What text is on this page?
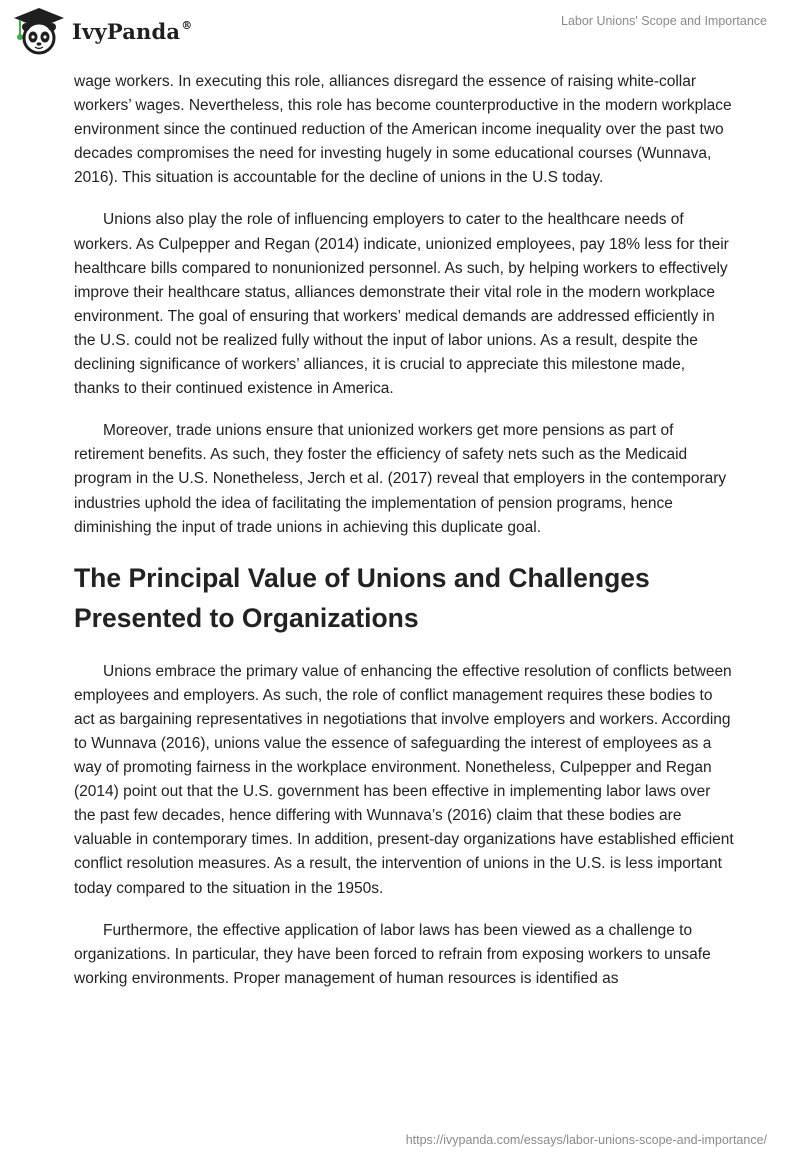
IvyPanda®	Labor Unions' Scope and Importance

wage workers. In executing this role, alliances disregard the essence of raising white-collar workers’ wages. Nevertheless, this role has become counterproductive in the modern workplace environment since the continued reduction of the American income inequality over the past two decades compromises the need for investing hugely in some educational courses (Wunnava, 2016). This situation is accountable for the decline of unions in the U.S today.

Unions also play the role of influencing employers to cater to the healthcare needs of workers. As Culpepper and Regan (2014) indicate, unionized employees, pay 18% less for their healthcare bills compared to nonunionized personnel. As such, by helping workers to effectively improve their healthcare status, alliances demonstrate their vital role in the modern workplace environment. The goal of ensuring that workers’ medical demands are addressed efficiently in the U.S. could not be realized fully without the input of labor unions. As a result, despite the declining significance of workers’ alliances, it is crucial to appreciate this milestone made, thanks to their continued existence in America.

Moreover, trade unions ensure that unionized workers get more pensions as part of retirement benefits. As such, they foster the efficiency of safety nets such as the Medicaid program in the U.S. Nonetheless, Jerch et al. (2017) reveal that employers in the contemporary industries uphold the idea of facilitating the implementation of pension programs, hence diminishing the input of trade unions in achieving this duplicate goal.

The Principal Value of Unions and Challenges Presented to Organizations

Unions embrace the primary value of enhancing the effective resolution of conflicts between employees and employers. As such, the role of conflict management requires these bodies to act as bargaining representatives in negotiations that involve employers and workers. According to Wunnava (2016), unions value the essence of safeguarding the interest of employees as a way of promoting fairness in the workplace environment. Nonetheless, Culpepper and Regan (2014) point out that the U.S. government has been effective in implementing labor laws over the past few decades, hence differing with Wunnava’s (2016) claim that these bodies are valuable in contemporary times. In addition, present-day organizations have established efficient conflict resolution measures. As a result, the intervention of unions in the U.S. is less important today compared to the situation in the 1950s.

Furthermore, the effective application of labor laws has been viewed as a challenge to organizations. In particular, they have been forced to refrain from exposing workers to unsafe working environments. Proper management of human resources is identified as

https://ivypanda.com/essays/labor-unions-scope-and-importance/
